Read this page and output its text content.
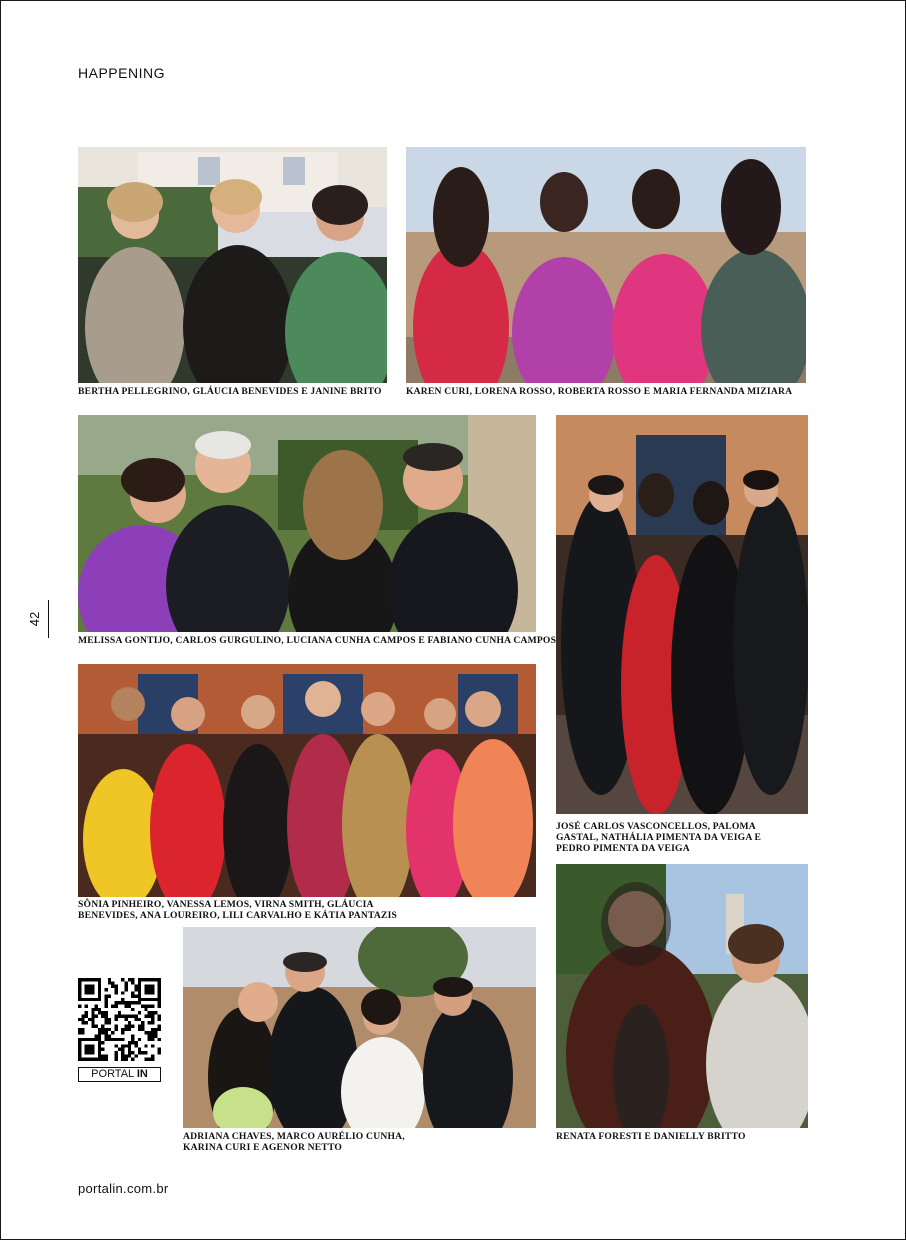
HAPPENING
BERTHA PELLEGRINO, GLÁUCIA BENEVIDES E JANINE BRITO	KAREN CURI, LORENA ROSSO, ROBERTA ROSSO E MARIA FERNANDA MIZIARA
MELISSA GONTIJO, CARLOS GURGULINO, LUCIANA CUNHA CAMPOS E FABIANO CUNHA CAMPOS
JOSÉ CARLOS VASCONCELLOS, PALOMA
GASTAL, NATHÁLIA PIMENTA DA VEIGA E
PEDRO PIMENTA DA VEIGA
SÔNIA PINHEIRO, VANESSA LEMOS, VIRNA SMITH, GLÁUCIA
BENEVIDES, ANA LOUREIRO, LILI CARVALHO E KÁTIA PANTAZIS
ADRIANA CHAVES, MARCO AURÉLIO CUNHA,
KARINA CURI E AGENOR NETTO
RENATA FORESTI E DANIELLY BRITTO
42
PORTAL IN
portalin.com.br
